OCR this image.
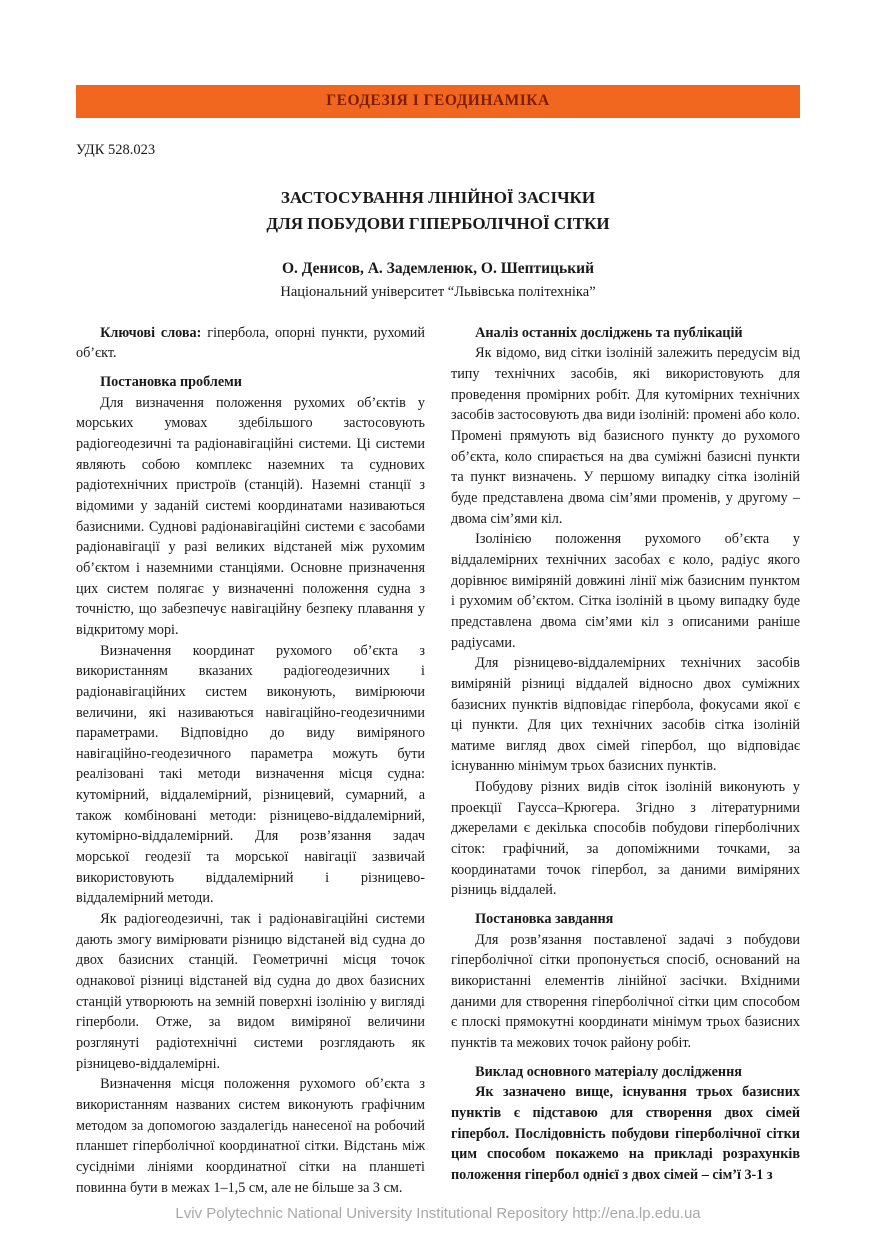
ГЕОДЕЗІЯ І ГЕОДИНАМІКА
УДК 528.023
ЗАСТОСУВАННЯ ЛІНІЙНОЇ ЗАСІЧКИ
ДЛЯ ПОБУДОВИ ГІПЕРБОЛІЧНОЇ СІТКИ
О. Денисов, А. Задемленюк, О. Шептицький
Національний університет “Львівська політехніка”

Ключові слова: гіпербола, опорні пункти, рухомий об’єкт.

Постановка проблеми

Для визначення положення рухомих об’єктів у морських умовах здебільшого застосовують радіогеодезичні та радіонавігаційні системи. Ці системи являють собою комплекс наземних та суднових радіотехнічних пристроїв (станцій). Наземні станції з відомими у заданій системі координатами називаються базисними. Суднові радіонавігаційні системи є засобами радіонавігації у разі великих відстаней між рухомим об’єктом і наземними станціями. Основне призначення цих систем полягає у визначенні положення судна з точністю, що забезпечує навігаційну безпеку плавання у відкритому морі.

Визначення координат рухомого об’єкта з використанням вказаних радіогеодезичних і радіонавігаційних систем виконують, вимірюючи величини, які називаються навігаційно-геодезичними параметрами. Відповідно до виду виміряного навігаційно-геодезичного параметра можуть бути реалізовані такі методи визначення місця судна: кутомірний, віддалемірний, різницевий, сумарний, а також комбіновані методи: різницево-віддалемірний, кутомірно-віддалемірний. Для розв’язання задач морської геодезії та морської навігації зазвичай використовують віддалемірний і різницево-віддалемірний методи.

Як радіогеодезичні, так і радіонавігаційні системи дають змогу вимірювати різницю відстаней від судна до двох базисних станцій. Геометричні місця точок однакової різниці відстаней від судна до двох базисних станцій утворюють на земній поверхні ізолінію у вигляді гіперболи. Отже, за видом виміряної величини розглянуті радіотехнічні системи розглядають як різницево-віддалемірні.

Визначення місця положення рухомого об’єкта з використанням названих систем виконують графічним методом за допомогою заздалегідь нанесеної на робочий планшет гіперболічної координатної сітки. Відстань між сусідніми лініями координатної сітки на планшеті повинна бути в межах 1–1,5 см, але не більше за 3 см.

Аналіз останніх досліджень та публікацій

Як відомо, вид сітки ізоліній залежить передусім від типу технічних засобів, які використовують для проведення промірних робіт. Для кутомірних технічних засобів застосовують два види ізоліній: промені або коло. Промені прямують від базисного пункту до рухомого об’єкта, коло спирається на два суміжні базисні пункти та пункт визначень. У першому випадку сітка ізоліній буде представлена двома сім’ями променів, у другому – двома сім’ями кіл.

Ізолінією положення рухомого об’єкта у віддалемірних технічних засобах є коло, радіус якого дорівнює виміряній довжині лінії між базисним пунктом і рухомим об’єктом. Сітка ізоліній в цьому випадку буде представлена двома сім’ями кіл з описаними раніше радіусами.

Для різницево-віддалемірних технічних засобів виміряній різниці віддалей відносно двох суміжних базисних пунктів відповідає гіпербола, фокусами якої є ці пункти. Для цих технічних засобів сітка ізоліній матиме вигляд двох сімей гіпербол, що відповідає існуванню мінімум трьох базисних пунктів.

Побудову різних видів сіток ізоліній виконують у проекції Гаусса–Крюгера. Згідно з літературними джерелами є декілька способів побудови гіперболічних сіток: графічний, за допоміжними точками, за координатами точок гіпербол, за даними виміряних різниць віддалей.

Постановка завдання

Для розв’язання поставленої задачі з побудови гіперболічної сітки пропонується спосіб, оснований на використанні елементів лінійної засічки. Вхідними даними для створення гіперболічної сітки цим способом є плоскі прямокутні координати мінімум трьох базисних пунктів та межових точок району робіт.

Виклад основного матеріалу дослідження

Як зазначено вище, існування трьох базисних пунктів є підставою для створення двох сімей гіпербол. Послідовність побудови гіперболічної сітки цим способом покажемо на прикладі розрахунків положення гіпербол однієї з двох сімей – сім’ї 3-1 з

Lviv Polytechnic National University Institutional Repository http://ena.lp.edu.ua
